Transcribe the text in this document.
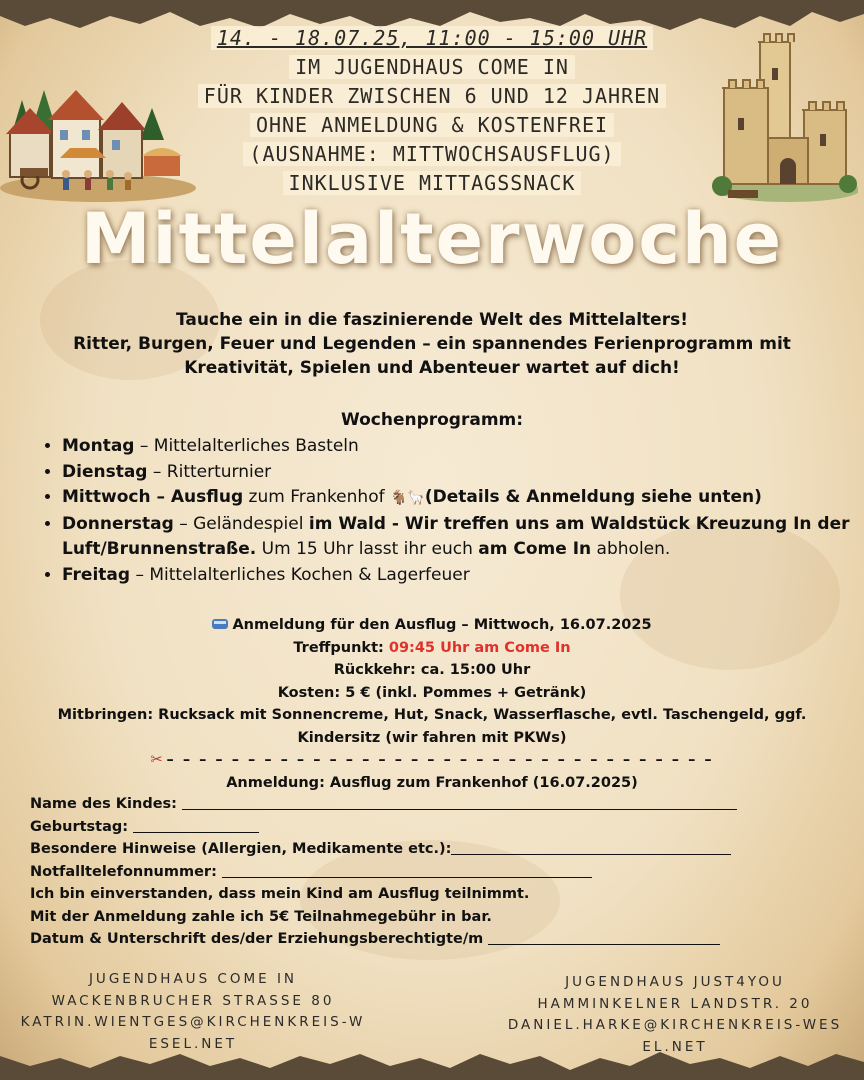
14. - 18.07.25, 11:00 - 15:00 UHR
IM JUGENDHAUS COME IN
FÜR KINDER ZWISCHEN 6 UND 12 JAHREN
OHNE ANMELDUNG & KOSTENFREI
(AUSNAHME: MITTWOCHSAUSFLUG)
INKLUSIVE MITTAGSSNACK
Mittelalterwoche
Tauche ein in die faszinierende Welt des Mittelalters!
Ritter, Burgen, Feuer und Legenden – ein spannendes Ferienprogramm mit
Kreativität, Spielen und Abenteuer wartet auf dich!
Wochenprogramm:
• Montag – Mittelalterliches Basteln
• Dienstag – Ritterturnier
• Mittwoch – Ausflug zum Frankenhof 🐐🦙(Details & Anmeldung siehe unten)
• Donnerstag – Geländespiel im Wald - Wir treffen uns am Waldstück Kreuzung In der Luft/Brunnenstraße. Um 15 Uhr lasst ihr euch am Come In abholen.
• Freitag – Mittelalterliches Kochen & Lagerfeuer
Anmeldung für den Ausflug – Mittwoch, 16.07.2025
Treffpunkt: 09:45 Uhr am Come In
Rückkehr: ca. 15:00 Uhr
Kosten: 5 € (inkl. Pommes + Getränk)
Mitbringen: Rucksack mit Sonnencreme, Hut, Snack, Wasserflasche, evtl. Taschengeld, ggf. Kindersitz (wir fahren mit PKWs)
✂ – – – – – – – – – – – – – – – – – – – – – – – – – – – – – – – – – –
Anmeldung: Ausflug zum Frankenhof (16.07.2025)
Name des Kindes:
Geburtstag:
Besondere Hinweise (Allergien, Medikamente etc.):
Notfalltelefonnummer:
Ich bin einverstanden, dass mein Kind am Ausflug teilnimmt.
Mit der Anmeldung zahle ich 5€ Teilnahmegebühr in bar.
Datum & Unterschrift des/der Erziehungsberechtigte/m
JUGENDHAUS COME IN
WACKENBRUCHER STRASSE 80
KATRIN.WIENTGES@KIRCHENKREIS-WESEL.NET
JUGENDHAUS JUST4YOU
HAMMINKELNER LANDSTR. 20
DANIEL.HARKE@KIRCHENKREIS-WESEL.NET
